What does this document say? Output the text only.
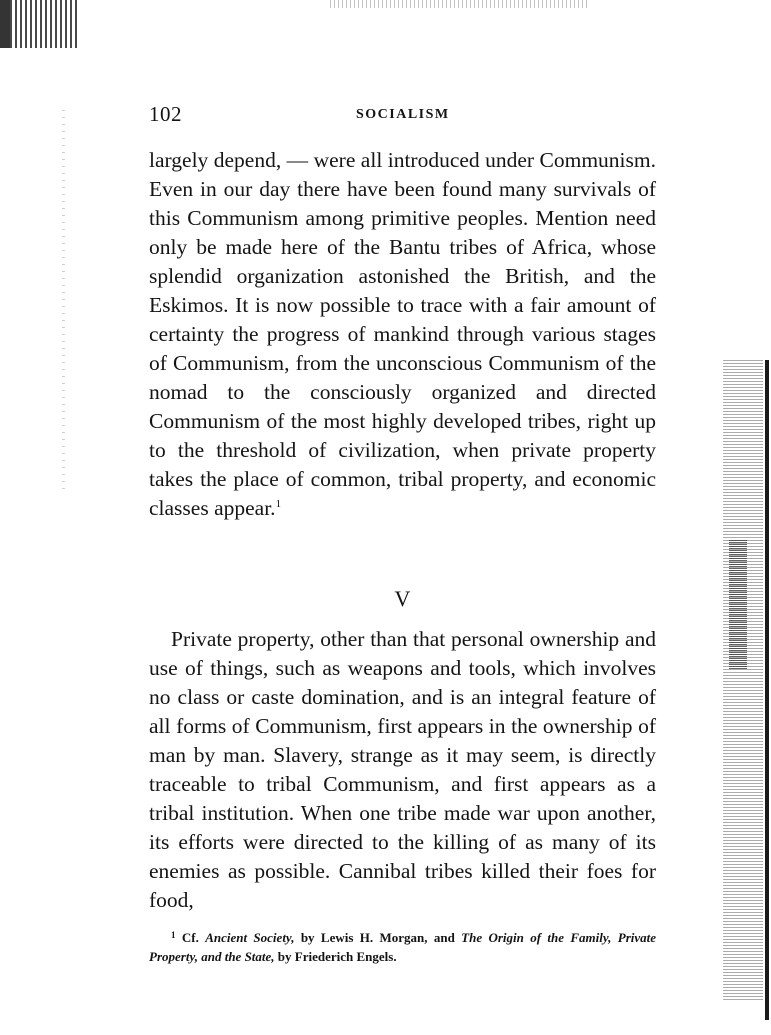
102	SOCIALISM

largely depend, — were all introduced under Communism. Even in our day there have been found many survivals of this Communism among primitive peoples. Mention need only be made here of the Bantu tribes of Africa, whose splendid organization astonished the British, and the Eskimos. It is now possible to trace with a fair amount of certainty the progress of mankind through various stages of Communism, from the unconscious Communism of the nomad to the consciously organized and directed Communism of the most highly developed tribes, right up to the threshold of civilization, when private property takes the place of common, tribal property, and economic classes appear.$^1$

V

Private property, other than that personal ownership and use of things, such as weapons and tools, which involves no class or caste domination, and is an integral feature of all forms of Communism, first appears in the ownership of man by man. Slavery, strange as it may seem, is directly traceable to tribal Communism, and first appears as a tribal institution. When one tribe made war upon another, its efforts were directed to the killing of as many of its enemies as possible. Cannibal tribes killed their foes for food,

$^1$ Cf. Ancient Society, by Lewis H. Morgan, and The Origin of the Family, Private Property, and the State, by Friederich Engels.
